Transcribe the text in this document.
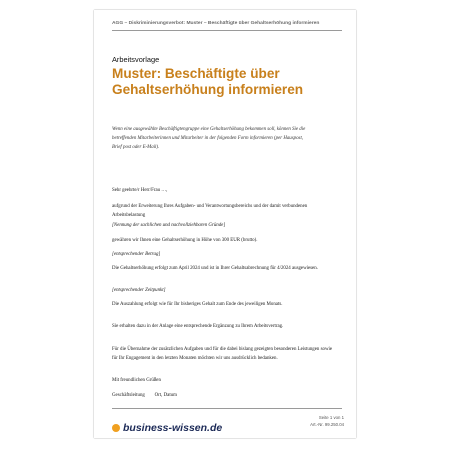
AGG – Diskriminierungsverbot: Muster – Beschäftigte über Gehaltserhöhung informieren
Arbeitsvorlage
Muster: Beschäftigte über Gehaltserhöhung informieren
Wenn eine ausgewählte Beschäftigtengruppe eine Gehaltserhöhung bekommen soll, können Sie die betreffenden Mitarbeiterinnen und Mitarbeiter in der folgenden Form informieren (per Hauspost, Brief post oder E-Mail).
Sehr geehrte/r Herr/Frau …,
aufgrund der Erweiterung Ihres Aufgaben- und Verantwortungsbereichs und der damit verbundenen Arbeitsbelastung
[Nennung der sachlichen und nachvollziehbaren Gründe]
gewähren wir Ihnen eine Gehaltserhöhung in Höhe von 300 EUR (brutto).
[entsprechender Betrag]
Die Gehaltserhöhung erfolgt zum April 2024 und ist in Ihrer Gehaltsabrechnung für 4/2024 ausgewiesen.
[entsprechender Zeitpunkt]
Die Auszahlung erfolgt wie für Ihr bisheriges Gehalt zum Ende des jeweiligen Monats.
Sie erhalten dazu in der Anlage eine entsprechende Ergänzung zu Ihrem Arbeitsvertrag.
Für die Übernahme der zusätzlichen Aufgaben und für die dabei bislang gezeigten besonderen Leistungen sowie für Ihr Engagement in den letzten Monaten möchten wir uns ausdrücklich bedanken.
Mit freundlichen Grüßen
Geschäftsleitung        Ort, Datum
business-wissen.de
Seite 1 von 1
Art.-Nr. 99.250.04
